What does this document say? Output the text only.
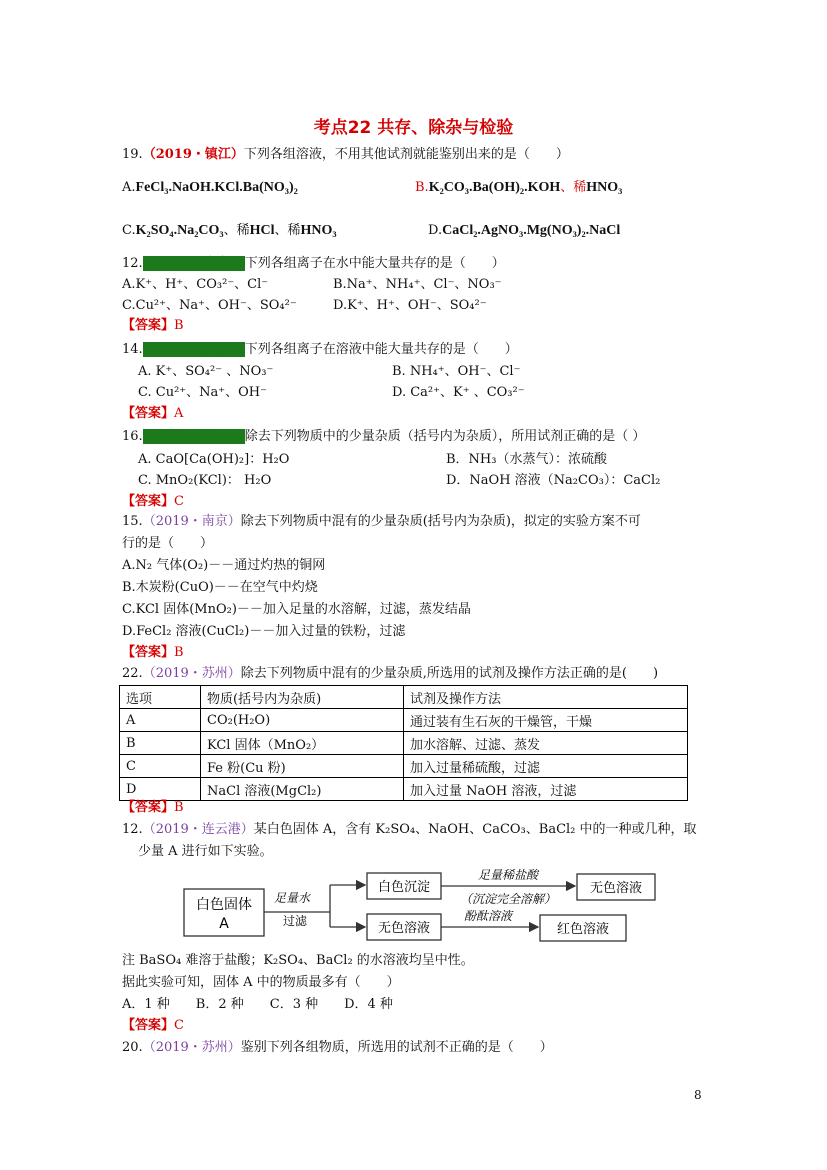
考点22 共存、除杂与检验
19.（2019・镇江）下列各组溶液，不用其他试剂就能鉴别出来的是（　　）
A.FeCl₃.NaOH.KCl.Ba(NO₃)₂	B.K₂CO₃.Ba(OH)₂.KOH、稀HNO₃
C.K₂SO₄.Na₂CO₃、稀HCl、稀HNO₃	D.CaCl₂.AgNO₃.Mg(NO₃)₂.NaCl
12. （2019・南京） 下列各组离子在水中能大量共存的是（　　）
A.K⁺、H⁺、CO₃²⁻、Cl⁻	B.Na⁺、NH₄⁺、Cl⁻、NO₃⁻
C.Cu²⁺、Na⁺、OH⁻、SO₄²⁻	D.K⁺、H⁺、OH⁻、SO₄²⁻
【答案】B
14. （2019・苏州） 下列各组离子在溶液中能大量共存的是（　　）
A. K⁺、SO₄²⁻ 、NO₃⁻	B. NH₄⁺、OH⁻、Cl⁻
C. Cu²⁺、Na⁺、OH⁻	D. Ca²⁺、K⁺ 、CO₃²⁻
【答案】A
16. （2019・常州） 除去下列物质中的少量杂质（括号内为杂质），所用试剂正确的是（ ）
A. CaO[Ca(OH)₂]：H₂O	B．NH₃（水蒸气）：浓硫酸
C. MnO₂(KCl)： H₂O	D．NaOH 溶液（Na₂CO₃）：CaCl₂
【答案】C
15.（2019・南京）除去下列物质中混有的少量杂质(括号内为杂质)，拟定的实验方案不可
行的是（　　）
A.N₂ 气体(O₂)－－通过灼热的铜网
B.木炭粉(CuO)－－在空气中灼烧
C.KCl 固体(MnO₂)－－加入足量的水溶解，过滤，蒸发结晶
D.FeCl₂ 溶液(CuCl₂)－－加入过量的铁粉，过滤
【答案】B
22.（2019・苏州）除去下列物质中混有的少量杂质,所选用的试剂及操作方法正确的是(　　)
选项	物质(括号内为杂质)	试剂及操作方法
A	CO₂(H₂O)	通过装有生石灰的干燥管，干燥
B	KCl 固体（MnO₂）	加水溶解、过滤、蒸发
C	Fe 粉(Cu 粉)	加入过量稀硫酸，过滤
D	NaCl 溶液(MgCl₂)	加入过量 NaOH 溶液，过滤
【答案】B
12.（2019・连云港）某白色固体 A，含有 K₂SO₄、NaOH、CaCO₃、BaCl₂ 中的一种或几种，取
少量 A 进行如下实验。
白色固体
A
足量水
过滤
白色沉淀
无色溶液
足量稀盐酸
（沉淀完全溶解）
酚酞溶液
无色溶液
红色溶液
注 BaSO₄ 难溶于盐酸；K₂SO₄、BaCl₂ 的水溶液均呈中性。
据此实验可知，固体 A 中的物质最多有（　　）
A．1 种　　B．2 种　　C．3 种　　D．4 种
【答案】C
20.（2019・苏州）鉴别下列各组物质，所选用的试剂不正确的是（　　）
8
